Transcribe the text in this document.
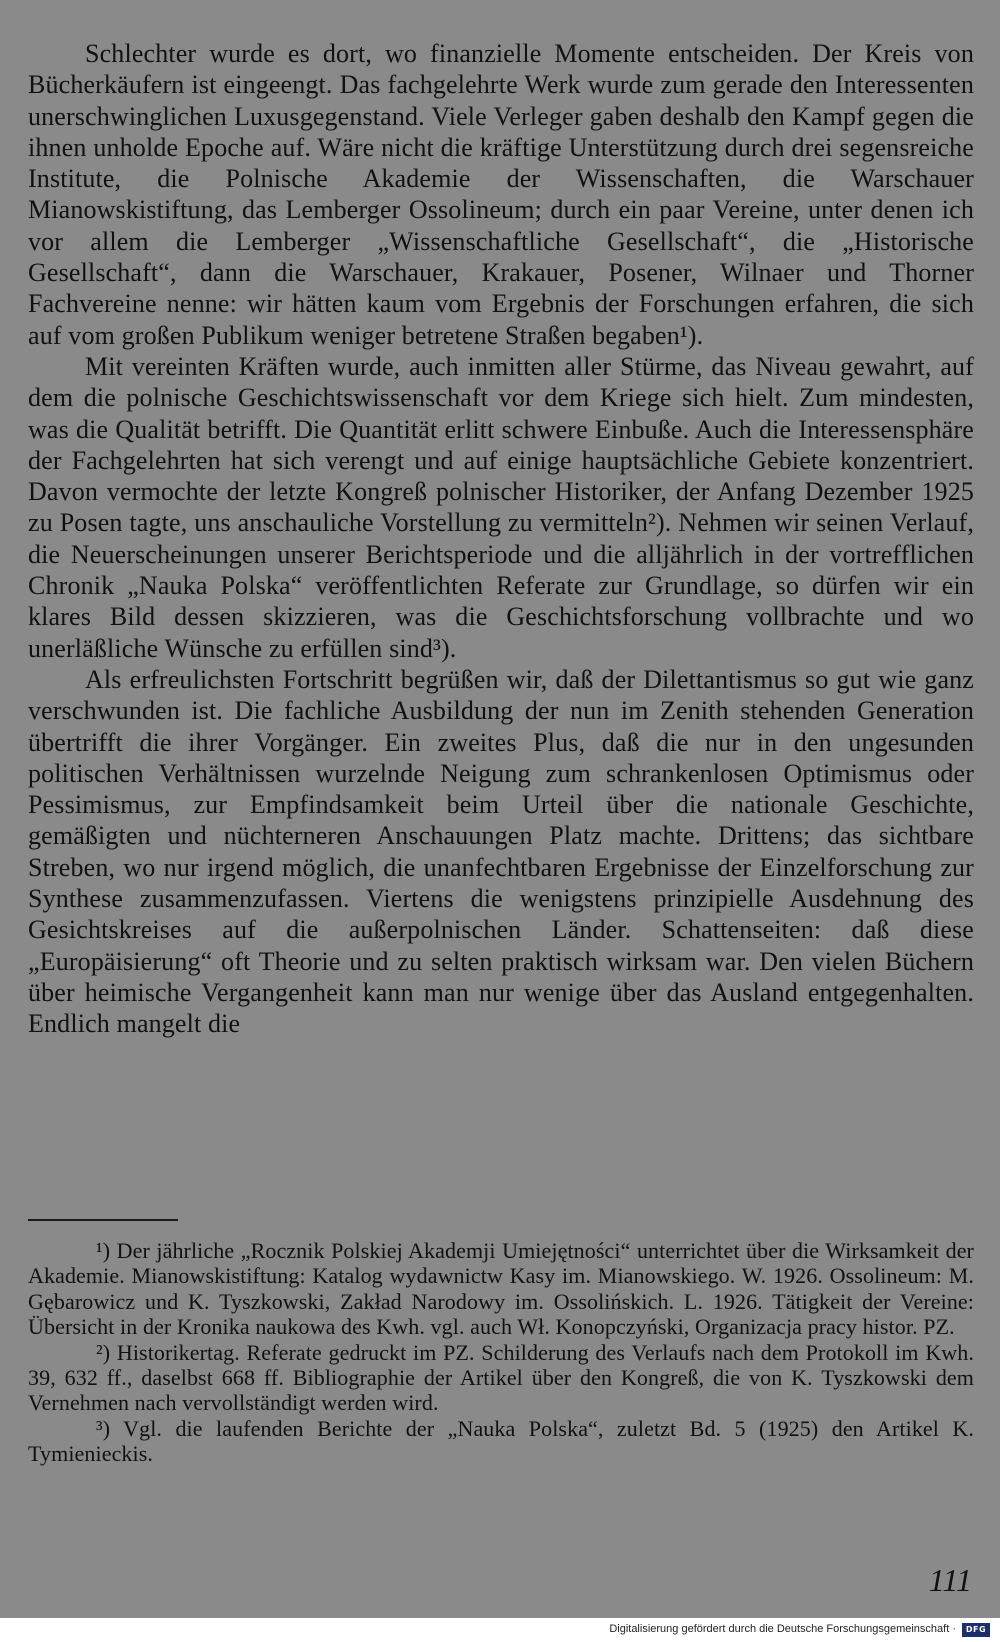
Schlechter wurde es dort, wo finanzielle Momente entscheiden. Der Kreis von Bücherkäufern ist eingeengt. Das fachgelehrte Werk wurde zum gerade den Interessenten unerschwinglichen Luxusgegenstand. Viele Verleger gaben deshalb den Kampf gegen die ihnen unholde Epoche auf. Wäre nicht die kräftige Unterstützung durch drei segensreiche Institute, die Polnische Akademie der Wissenschaften, die Warschauer Mianowskistiftung, das Lemberger Ossolineum; durch ein paar Vereine, unter denen ich vor allem die Lemberger „Wissenschaftliche Gesellschaft“, die „Historische Gesellschaft“, dann die Warschauer, Krakauer, Posener, Wilnaer und Thorner Fachvereine nenne: wir hätten kaum vom Ergebnis der Forschungen erfahren, die sich auf vom großen Publikum weniger betretene Straßen begaben¹).

Mit vereinten Kräften wurde, auch inmitten aller Stürme, das Niveau gewahrt, auf dem die polnische Geschichtswissenschaft vor dem Kriege sich hielt. Zum mindesten, was die Qualität betrifft. Die Quantität erlitt schwere Einbuße. Auch die Interessensphäre der Fachgelehrten hat sich verengt und auf einige hauptsächliche Gebiete konzentriert. Davon vermochte der letzte Kongreß polnischer Historiker, der Anfang Dezember 1925 zu Posen tagte, uns anschauliche Vorstellung zu vermitteln²). Nehmen wir seinen Verlauf, die Neuerscheinungen unserer Berichtsperiode und die alljährlich in der vortrefflichen Chronik „Nauka Polska“ veröffentlichten Referate zur Grundlage, so dürfen wir ein klares Bild dessen skizzieren, was die Geschichtsforschung vollbrachte und wo unerläßliche Wünsche zu erfüllen sind³).

Als erfreulichsten Fortschritt begrüßen wir, daß der Dilettantismus so gut wie ganz verschwunden ist. Die fachliche Ausbildung der nun im Zenith stehenden Generation übertrifft die ihrer Vorgänger. Ein zweites Plus, daß die nur in den ungesunden politischen Verhältnissen wurzelnde Neigung zum schrankenlosen Optimismus oder Pessimismus, zur Empfindsamkeit beim Urteil über die nationale Geschichte, gemäßigten und nüchterneren Anschauungen Platz machte. Drittens; das sichtbare Streben, wo nur irgend möglich, die unanfechtbaren Ergebnisse der Einzelforschung zur Synthese zusammenzufassen. Viertens die wenigstens prinzipielle Ausdehnung des Gesichtskreises auf die außerpolnischen Länder. Schattenseiten: daß diese „Europäisierung“ oft Theorie und zu selten praktisch wirksam war. Den vielen Büchern über heimische Vergangenheit kann man nur wenige über das Ausland entgegenhalten. Endlich mangelt die

¹) Der jährliche „Rocznik Polskiej Akademji Umiejętności“ unterrichtet über die Wirksamkeit der Akademie. Mianowskistiftung: Katalog wydawnictw Kasy im. Mianowskiego. W. 1926. Ossolineum: M. Gębarowicz und K. Tyszkowski, Zakład Narodowy im. Ossolińskich. L. 1926. Tätigkeit der Vereine: Übersicht in der Kronika naukowa des Kwh. vgl. auch Wł. Konopczyński, Organizacja pracy histor. PZ.

²) Historikertag. Referate gedruckt im PZ. Schilderung des Verlaufs nach dem Protokoll im Kwh. 39, 632 ff., daselbst 668 ff. Bibliographie der Artikel über den Kongreß, die von K. Tyszkowski dem Vernehmen nach vervollständigt werden wird.

³) Vgl. die laufenden Berichte der „Nauka Polska“, zuletzt Bd. 5 (1925) den Artikel K. Tymienieckis.

111
Digitalisierung gefördert durch die Deutsche Forschungsgemeinschaft ·	DFG
